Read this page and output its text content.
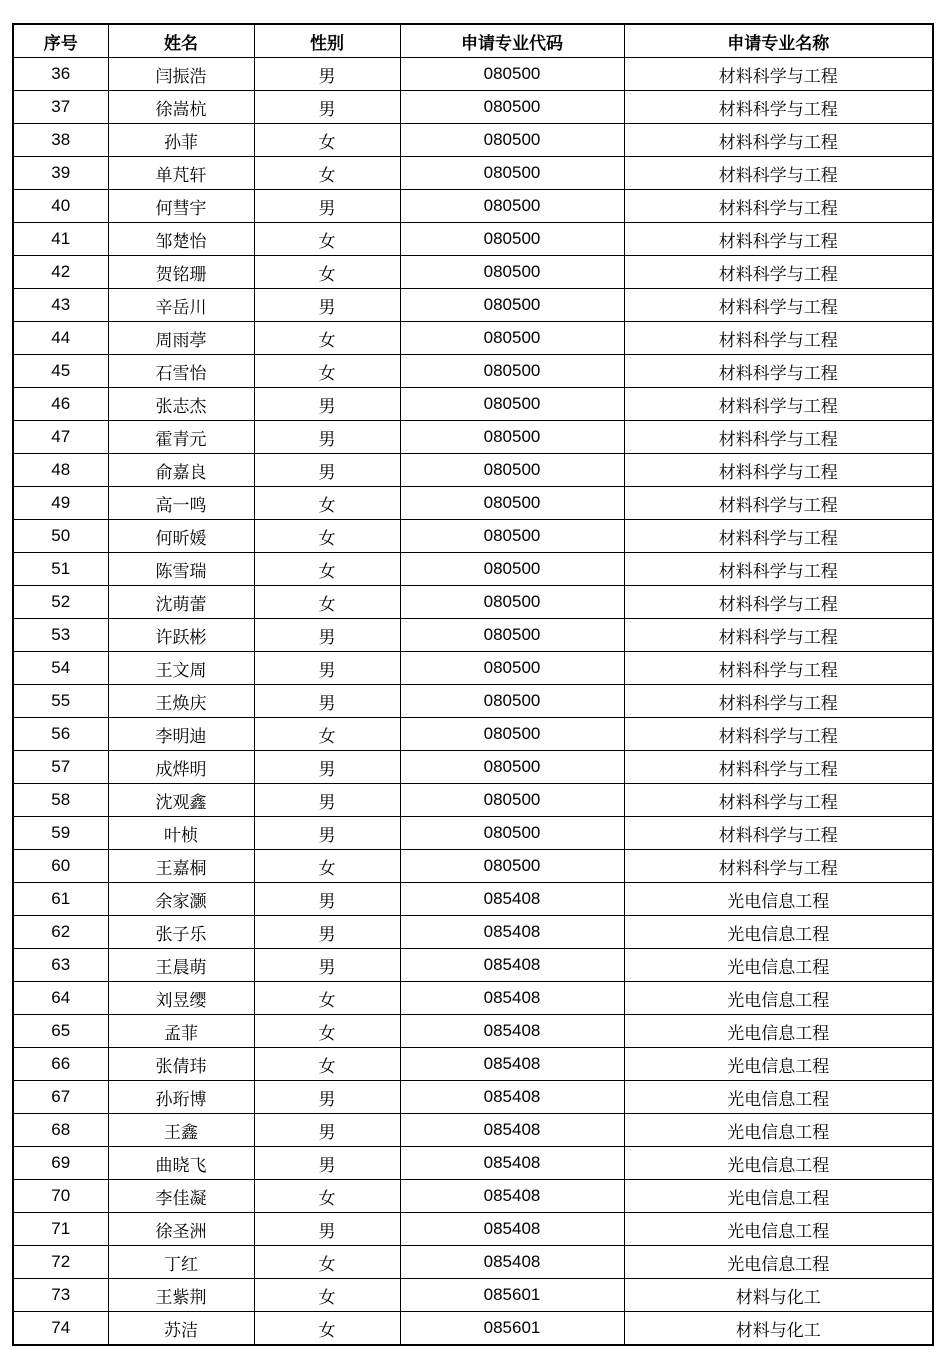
序号	姓名	性别	申请专业代码	申请专业名称
36	闫振浩	男	080500	材料科学与工程
37	徐嵩杭	男	080500	材料科学与工程
38	孙菲	女	080500	材料科学与工程
39	单芃轩	女	080500	材料科学与工程
40	何彗宇	男	080500	材料科学与工程
41	邹楚怡	女	080500	材料科学与工程
42	贺铭珊	女	080500	材料科学与工程
43	辛岳川	男	080500	材料科学与工程
44	周雨葶	女	080500	材料科学与工程
45	石雪怡	女	080500	材料科学与工程
46	张志杰	男	080500	材料科学与工程
47	霍青元	男	080500	材料科学与工程
48	俞嘉良	男	080500	材料科学与工程
49	高一鸣	女	080500	材料科学与工程
50	何昕媛	女	080500	材料科学与工程
51	陈雪瑞	女	080500	材料科学与工程
52	沈萌蕾	女	080500	材料科学与工程
53	许跃彬	男	080500	材料科学与工程
54	王文周	男	080500	材料科学与工程
55	王焕庆	男	080500	材料科学与工程
56	李明迪	女	080500	材料科学与工程
57	成烨明	男	080500	材料科学与工程
58	沈观鑫	男	080500	材料科学与工程
59	叶桢	男	080500	材料科学与工程
60	王嘉桐	女	080500	材料科学与工程
61	余家灏	男	085408	光电信息工程
62	张子乐	男	085408	光电信息工程
63	王晨萌	男	085408	光电信息工程
64	刘昱缨	女	085408	光电信息工程
65	孟菲	女	085408	光电信息工程
66	张倩玮	女	085408	光电信息工程
67	孙珩博	男	085408	光电信息工程
68	王鑫	男	085408	光电信息工程
69	曲晓飞	男	085408	光电信息工程
70	李佳凝	女	085408	光电信息工程
71	徐圣洲	男	085408	光电信息工程
72	丁红	女	085408	光电信息工程
73	王紫荆	女	085601	材料与化工
74	苏洁	女	085601	材料与化工
